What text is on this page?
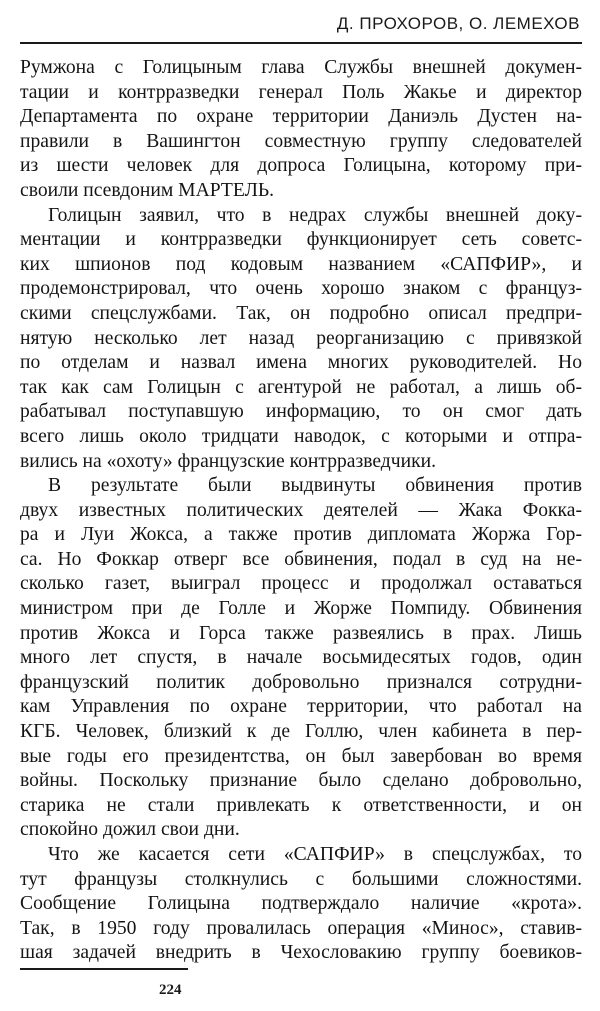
Д. ПРОХОРОВ, О. ЛЕМЕХОВ
Румжона с Голицыным глава Службы внешней докумен-
тации и контрразведки генерал Поль Жакье и директор
Департамента по охране территории Даниэль Дустен на-
правили в Вашингтон совместную группу следователей
из шести человек для допроса Голицына, которому при-
своили псевдоним МАРТЕЛЬ.
Голицын заявил, что в недрах службы внешней доку-
ментации и контрразведки функционирует сеть советс-
ких шпионов под кодовым названием «САПФИР», и
продемонстрировал, что очень хорошо знаком с француз-
скими спецслужбами. Так, он подробно описал предпри-
нятую несколько лет назад реорганизацию с привязкой
по отделам и назвал имена многих руководителей. Но
так как сам Голицын с агентурой не работал, а лишь об-
рабатывал поступавшую информацию, то он смог дать
всего лишь около тридцати наводок, с которыми и отпра-
вились на «охоту» французские контрразведчики.
В результате были выдвинуты обвинения против
двух известных политических деятелей — Жака Фокка-
ра и Луи Жокса, а также против дипломата Жоржа Гор-
са. Но Фоккар отверг все обвинения, подал в суд на не-
сколько газет, выиграл процесс и продолжал оставаться
министром при де Голле и Жорже Помпиду. Обвинения
против Жокса и Горса также развеялись в прах. Лишь
много лет спустя, в начале восьмидесятых годов, один
французский политик добровольно признался сотрудни-
кам Управления по охране территории, что работал на
КГБ. Человек, близкий к де Голлю, член кабинета в пер-
вые годы его президентства, он был завербован во время
войны. Поскольку признание было сделано добровольно,
старика не стали привлекать к ответственности, и он
спокойно дожил свои дни.
Что же касается сети «САПФИР» в спецслужбах, то
тут французы столкнулись с большими сложностями.
Сообщение Голицына подтверждало наличие «крота».
Так, в 1950 году провалилась операция «Минос», ставив-
шая задачей внедрить в Чехословакию группу боевиков-
224
